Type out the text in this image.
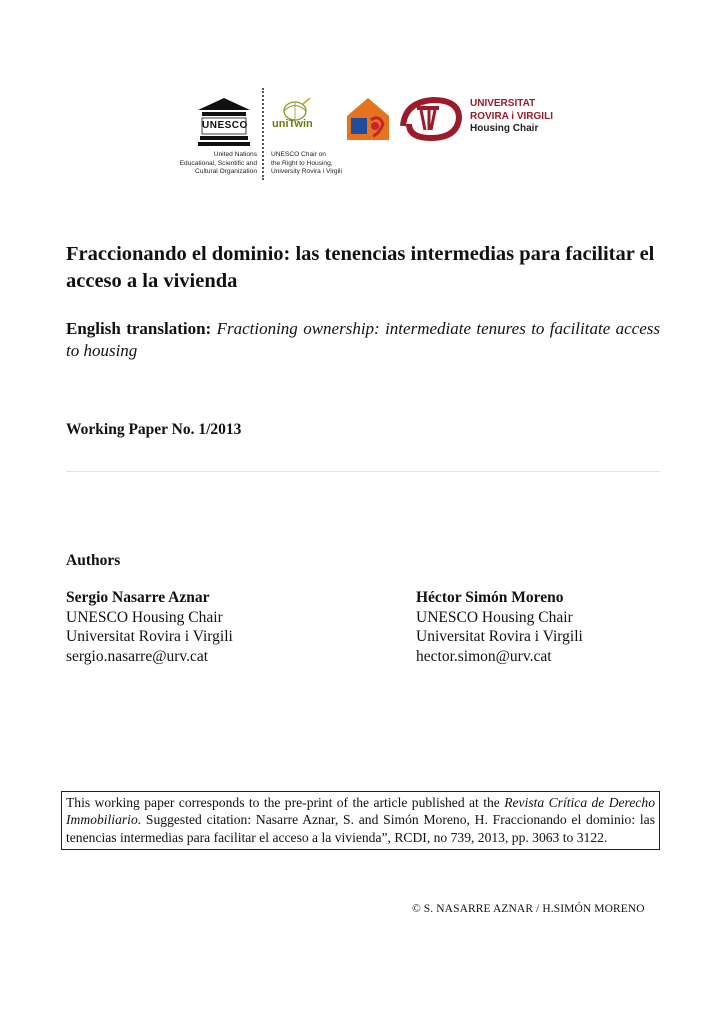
UNESCO
United Nations
Educational, Scientific and
Cultural Organization
uniTwin
UNESCO Chair on
the Right to Housing,
University Rovira i Virgili
UNIVERSITAT
ROVIRA i VIRGILI
Housing Chair
Fraccionando el dominio: las tenencias intermedias para facilitar el acceso a la vivienda
English translation: Fractioning ownership: intermediate tenures to facilitate access to housing
Working Paper No. 1/2013
Authors
Sergio Nasarre Aznar
UNESCO Housing Chair
Universitat Rovira i Virgili
sergio.nasarre@urv.cat
Héctor Simón Moreno
UNESCO Housing Chair
Universitat Rovira i Virgili
hector.simon@urv.cat
This working paper corresponds to the pre-print of the article published at the Revista Crítica de Derecho Immobiliario. Suggested citation: Nasarre Aznar, S. and Simón Moreno, H. Fraccionando el dominio: las tenencias intermedias para facilitar el acceso a la vivienda”, RCDI, no 739, 2013, pp. 3063 to 3122.
© S. NASARRE AZNAR / H.SIMÓN MORENO
